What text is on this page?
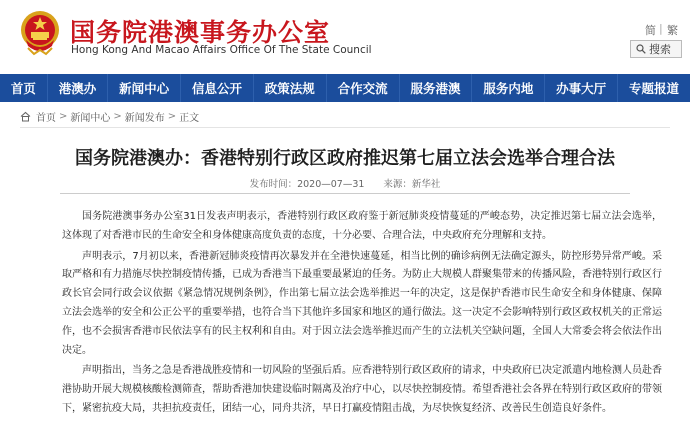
国务院港澳事务办公室
Hong Kong And Macao Affairs Office Of The State Council
简 | 繁
搜索
首页	港澳办	新闻中心	信息公开	政策法规	合作交流	服务港澳	服务内地	办事大厅	专题报道
首页 > 新闻中心 > 新闻发布 > 正文
国务院港澳办：香港特别行政区政府推迟第七届立法会选举合理合法
发布时间：2020—07—31　　来源：新华社

国务院港澳事务办公室31日发表声明表示，香港特别行政区政府鉴于新冠肺炎疫情蔓延的严峻态势，决定推迟第七届立法会选举，这体现了对香港市民的生命安全和身体健康高度负责的态度，十分必要、合理合法，中央政府充分理解和支持。

声明表示，7月初以来，香港新冠肺炎疫情再次暴发并在全港快速蔓延，相当比例的确诊病例无法确定源头，防控形势异常严峻。采取严格和有力措施尽快控制疫情传播，已成为香港当下最重要最紧迫的任务。为防止大规模人群聚集带来的传播风险，香港特别行政区行政长官会同行政会议依据《紧急情况规例条例》，作出第七届立法会选举推迟一年的决定，这是保护香港市民生命安全和身体健康、保障立法会选举的安全和公正公平的重要举措，也符合当下其他许多国家和地区的通行做法。这一决定不会影响特别行政区政权机关的正常运作，也不会损害香港市民依法享有的民主权利和自由。对于因立法会选举推迟而产生的立法机关空缺问题，全国人大常委会将会依法作出决定。

声明指出，当务之急是香港战胜疫情和一切风险的坚强后盾。应香港特别行政区政府的请求，中央政府已决定派遣内地检测人员赴香港协助开展大规模核酸检测筛查，帮助香港加快建设临时隔离及治疗中心，以尽快控制疫情。希望香港社会各界在特别行政区政府的带领下，紧密抗疫大局，共担抗疫责任，团结一心，同舟共济，早日打赢疫情阻击战，为尽快恢复经济、改善民生创造良好条件。
